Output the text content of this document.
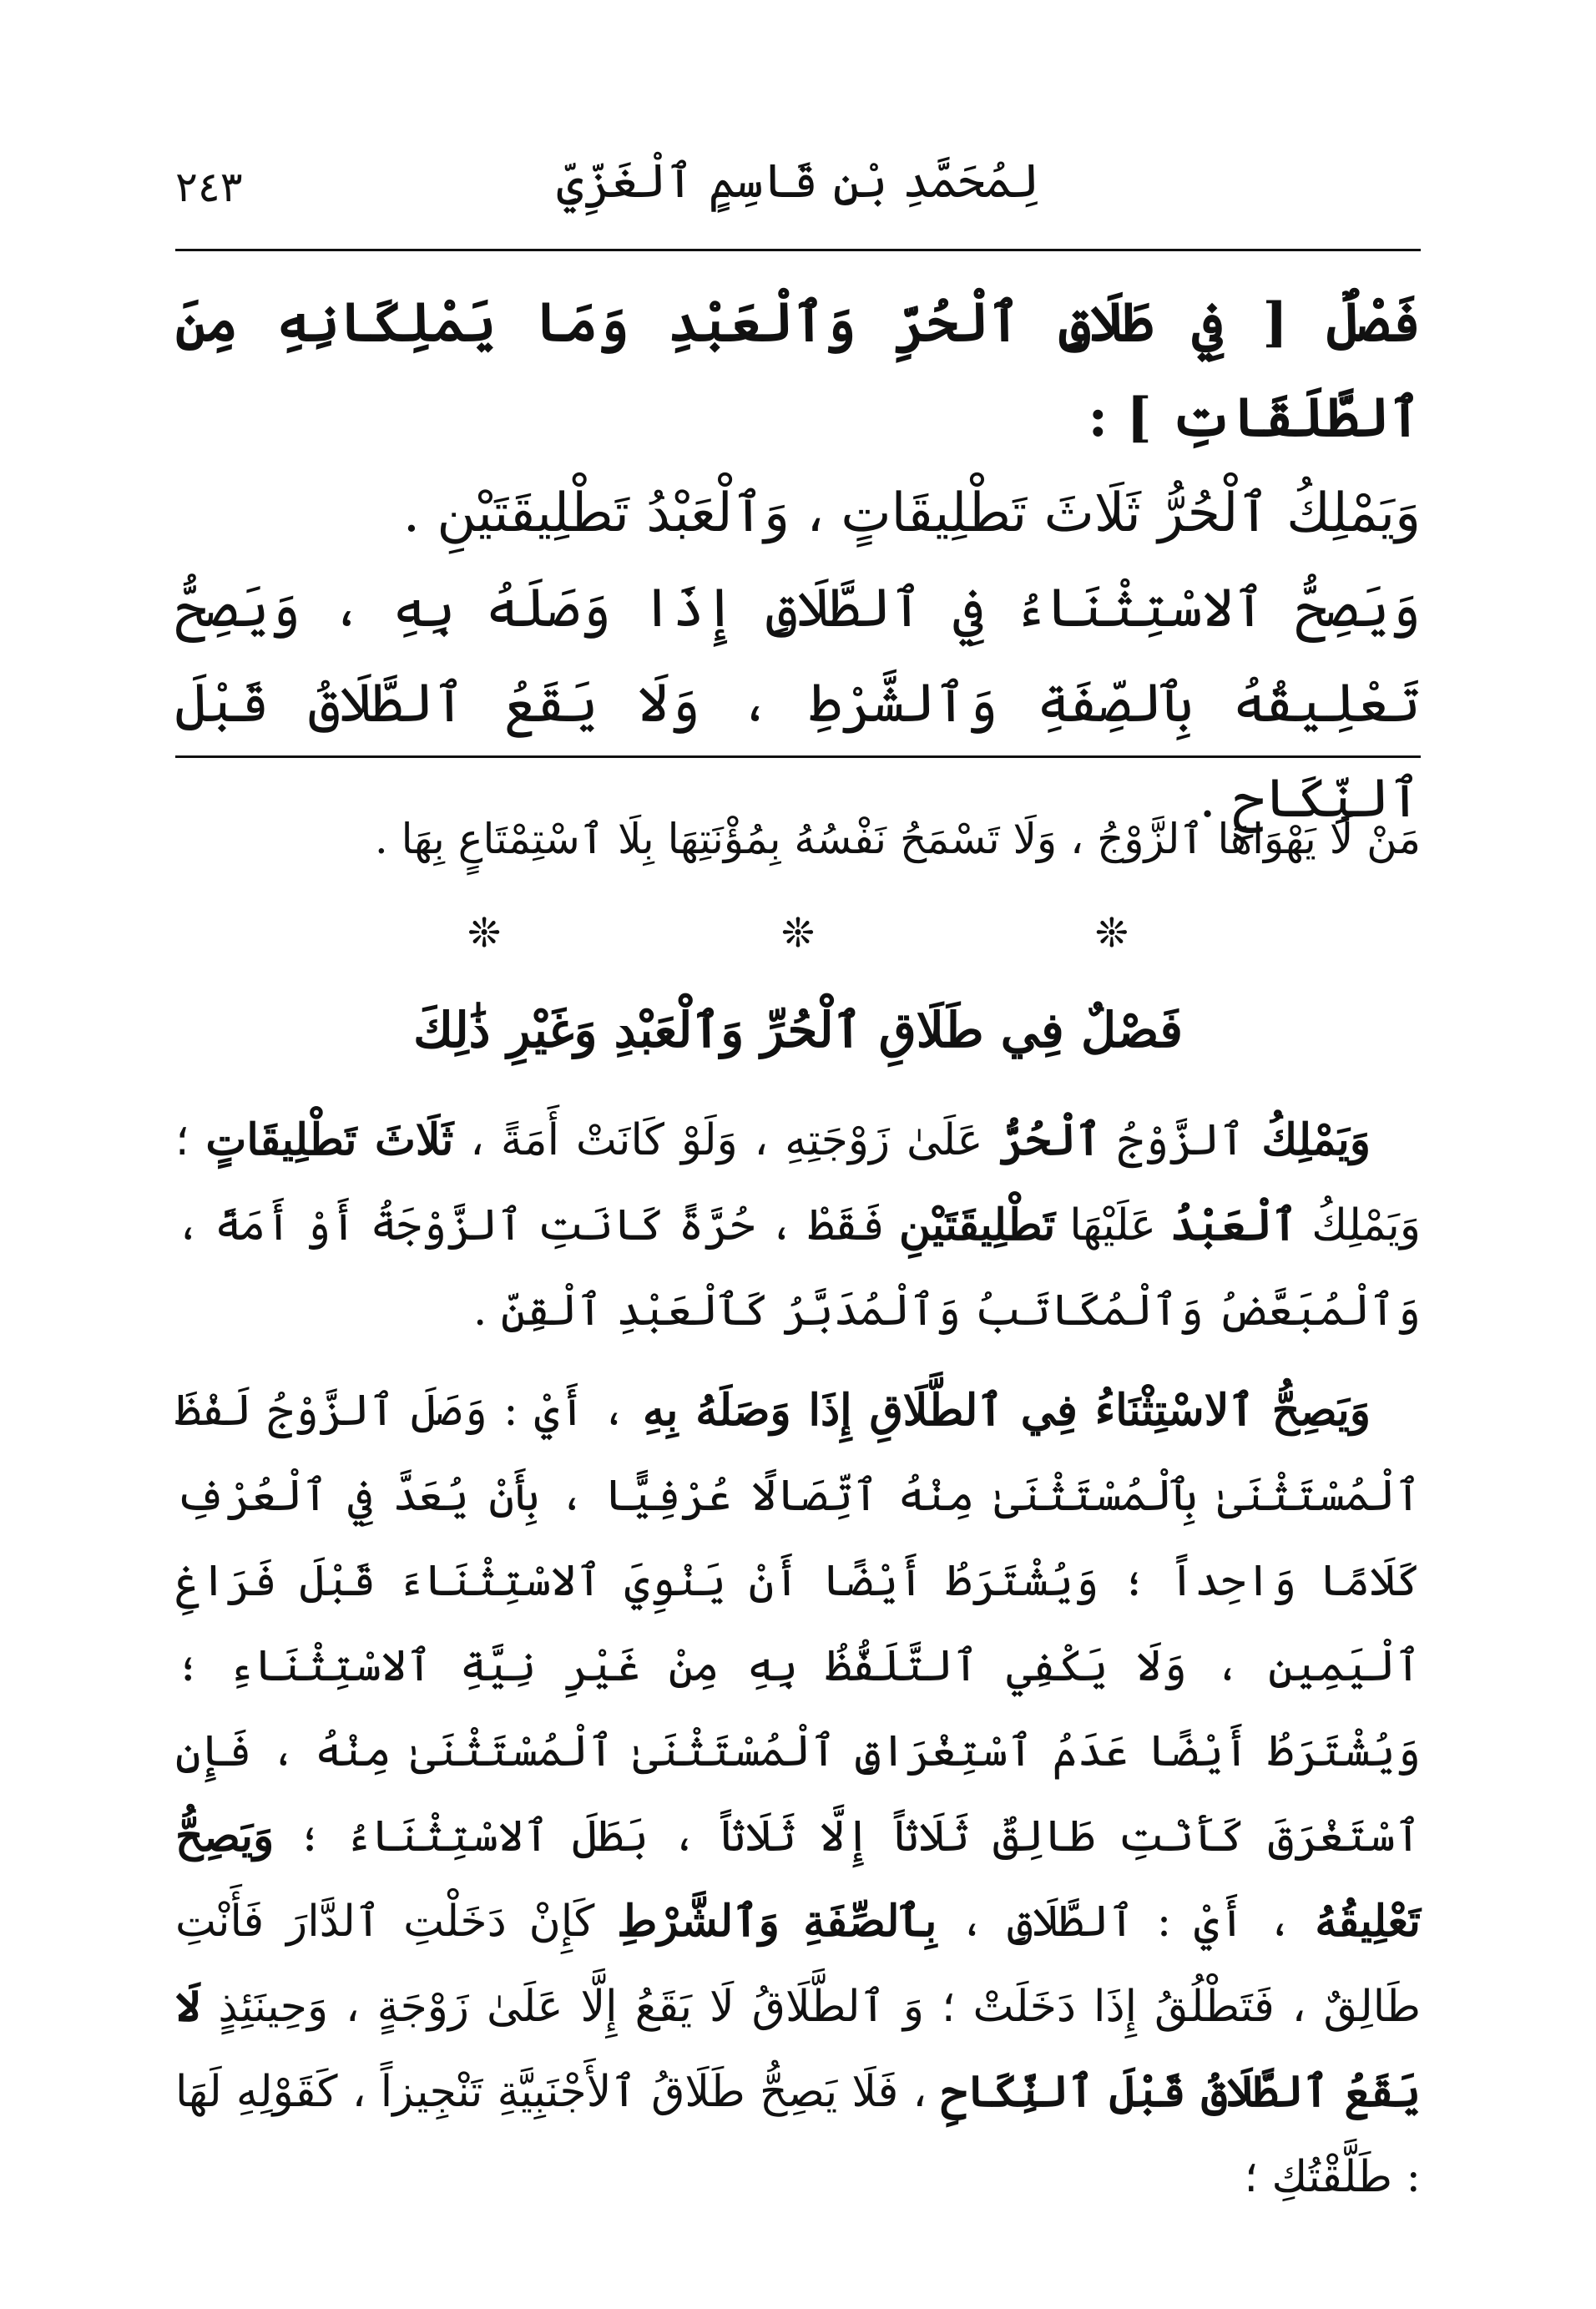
لِمُحَمَّدِ بْنِ قَاسِمٍ ٱلْغَزِّيِّ
٢٤٣

فَصْلٌ [ فِي طَلَاقِ ٱلْحُرِّ وَٱلْعَبْدِ وَمَا يَمْلِكَانِهِ مِنَ ٱلطَّلَقَاتِ ] :

وَيَمْلِكُ ٱلْحُرُّ ثَلَاثَ تَطْلِيقَاتٍ ، وَٱلْعَبْدُ تَطْلِيقَتَيْنِ .

وَيَصِحُّ ٱلاسْتِثْنَاءُ فِي ٱلطَّلَاقِ إِذَا وَصَلَهُ بِهِ ، وَيَصِحُّ تَعْلِيقُهُ بِٱلصِّفَةِ وَٱلشَّرْطِ ، وَلَا يَقَعُ ٱلطَّلَاقُ قَبْلَ ٱلنِّكَاحِ .

مَنْ لَا يَهْوَاهَا ٱلزَّوْجُ ، وَلَا تَسْمَحُ نَفْسُهُ بِمُؤْنَتِهَا بِلَا ٱسْتِمْتَاعٍ بِهَا .
❊
❊
❊
فَصْلٌ فِي طَلَاقِ ٱلْحُرِّ وَٱلْعَبْدِ وَغَيْرِ ذَٰلِكَ

وَيَمْلِكُ ٱلزَّوْجُ ٱلْحُرُّ عَلَىٰ زَوْجَتِهِ ، وَلَوْ كَانَتْ أَمَةً ، ثَلَاثَ تَطْلِيقَاتٍ ؛ وَيَمْلِكُ ٱلْعَبْدُ عَلَيْهَا تَطْلِيقَتَيْنِ فَقَطْ ، حُرَّةً كَانَتِ ٱلزَّوْجَةُ أَوْ أَمَةً ، وَٱلْمُبَعَّضُ وَٱلْمُكَاتَبُ وَٱلْمُدَبَّرُ كَٱلْعَبْدِ ٱلْقِنِّ .

وَيَصِحُّ ٱلاسْتِثْنَاءُ فِي ٱلطَّلَاقِ إِذَا وَصَلَهُ بِهِ ، أَيْ : وَصَلَ ٱلزَّوْجُ لَفْظَ ٱلْمُسْتَثْنَىٰ بِٱلْمُسْتَثْنَىٰ مِنْهُ ٱتِّصَالًا عُرْفِيًّا ، بِأَنْ يُعَدَّ فِي ٱلْعُرْفِ كَلَامًا وَاحِداً ؛ وَيُشْتَرَطُ أَيْضًا أَنْ يَنْوِيَ ٱلاسْتِثْنَاءَ قَبْلَ فَرَاغِ ٱلْيَمِينِ ، وَلَا يَكْفِي ٱلتَّلَفُّظُ بِهِ مِنْ غَيْرِ نِيَّةِ ٱلاسْتِثْنَاءِ ؛ وَيُشْتَرَطُ أَيْضًا عَدَمُ ٱسْتِغْرَاقِ ٱلْمُسْتَثْنَىٰ ٱلْمُسْتَثْنَىٰ مِنْهُ ، فَإِنِ ٱسْتَغْرَقَ كَأَنْتِ طَالِقٌ ثَلَاثاً إِلَّا ثَلَاثاً ، بَطَلَ ٱلاسْتِثْنَاءُ ؛ وَيَصِحُّ تَعْلِيقُهُ ، أَيْ : ٱلطَّلَاقِ ، بِٱلصِّفَةِ وَٱلشَّرْطِ كَإِنْ دَخَلْتِ ٱلدَّارَ فَأَنْتِ طَالِقٌ ، فَتَطْلُقُ إِذَا دَخَلَتْ ؛ وَ ٱلطَّلَاقُ لَا يَقَعُ إِلَّا عَلَىٰ زَوْجَةٍ ، وَحِينَئِذٍ لَا يَقَعُ ٱلطَّلَاقُ قَبْلَ ٱلنِّكَاحِ ، فَلَا يَصِحُّ طَلَاقُ ٱلأَجْنَبِيَّةِ تَنْجِيزاً ، كَقَوْلِهِ لَهَا : طَلَّقْتُكِ ؛
